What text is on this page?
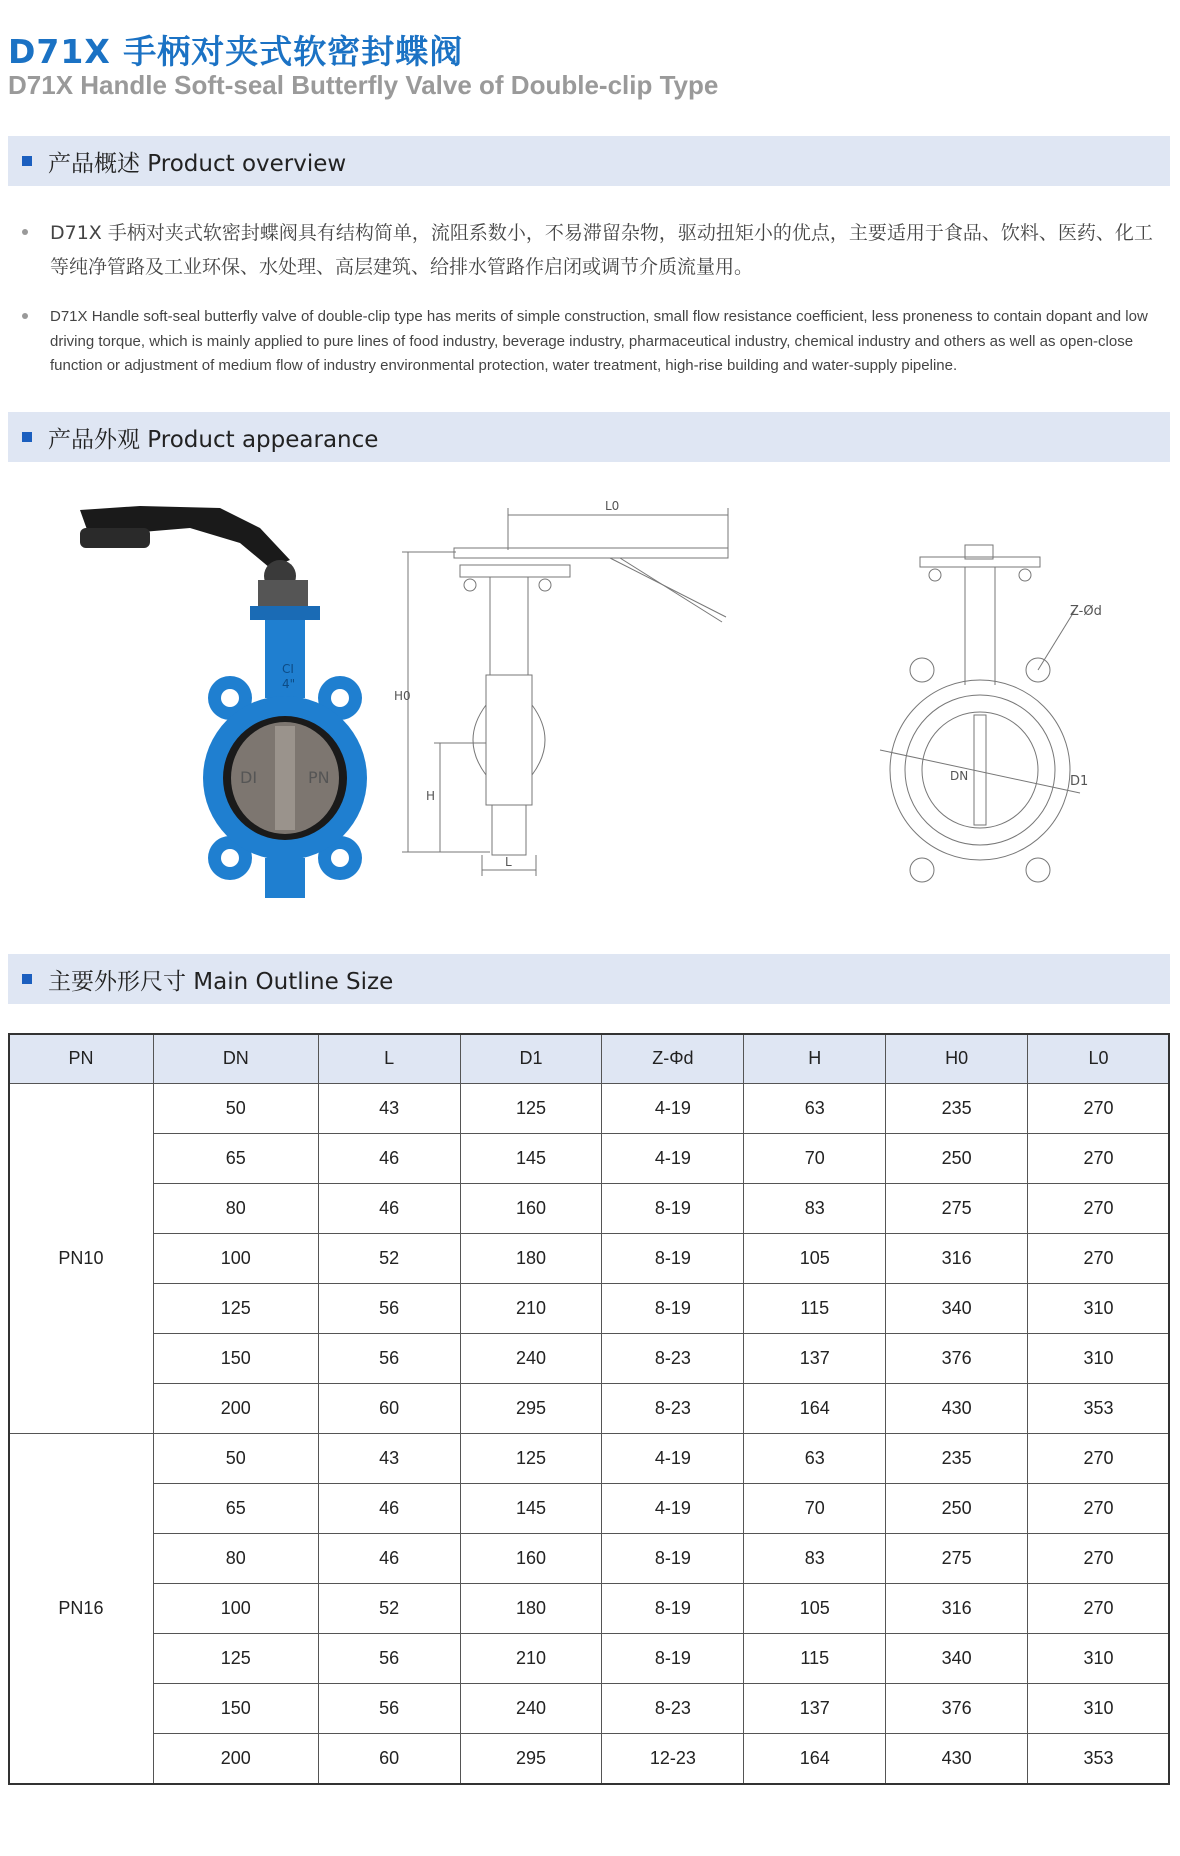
D71X 手柄对夹式软密封蝶阀
D71X Handle Soft-seal Butterfly Valve of Double-clip Type
产品概述 Product overview
D71X 手柄对夹式软密封蝶阀具有结构简单，流阻系数小，不易滞留杂物，驱动扭矩小的优点，主要适用于食品、饮料、医药、化工等纯净管路及工业环保、水处理、高层建筑、给排水管路作启闭或调节介质流量用。
D71X Handle soft-seal butterfly valve of double-clip type has merits of simple construction, small flow resistance coefficient, less proneness to contain dopant and low driving torque, which is mainly applied to pure lines of food industry, beverage industry, pharmaceutical industry, chemical industry and others as well as open-close function or adjustment of medium flow of industry environmental protection, water treatment, high-rise building and water-supply pipeline.
产品外观 Product appearance
CI
4"
DI	PN
L0
H0
H
L
Z-Ød
D1
DN
主要外形尺寸 Main Outline Size
PN	DN	L	D1	Z-Φd	H	H0	L0
PN10	50	43	125	4-19	63	235	270
	65	46	145	4-19	70	250	270
	80	46	160	8-19	83	275	270
	100	52	180	8-19	105	316	270
	125	56	210	8-19	115	340	310
	150	56	240	8-23	137	376	310
	200	60	295	8-23	164	430	353
PN16	50	43	125	4-19	63	235	270
	65	46	145	4-19	70	250	270
	80	46	160	8-19	83	275	270
	100	52	180	8-19	105	316	270
	125	56	210	8-19	115	340	310
	150	56	240	8-23	137	376	310
	200	60	295	12-23	164	430	353
